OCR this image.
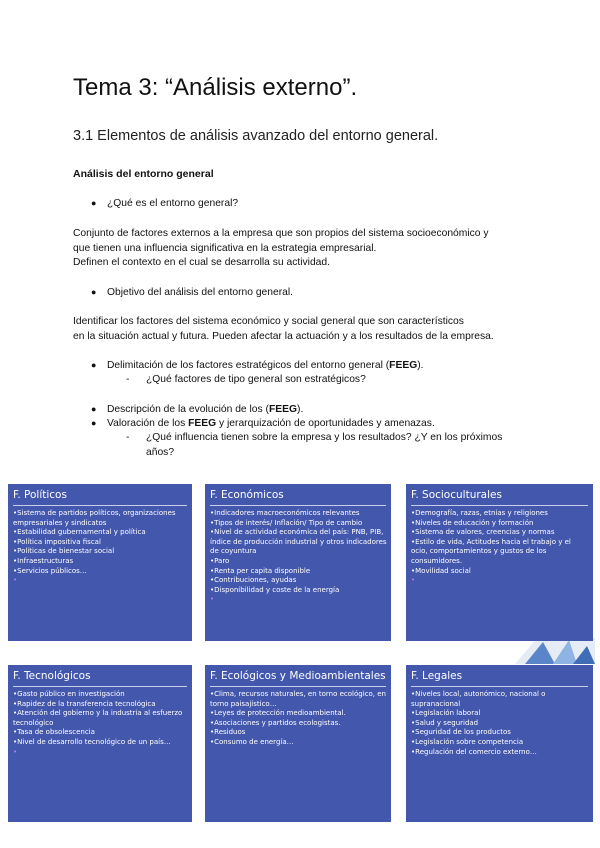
Tema 3: “Análisis externo”.

3.1 Elementos de análisis avanzado del entorno general.

Análisis del entorno general

● ¿Qué es el entorno general?

Conjunto de factores externos a la empresa que son propios del sistema socioeconómico y
que tienen una influencia significativa en la estrategia empresarial.
Definen el contexto en el cual se desarrolla su actividad.

● Objetivo del análisis del entorno general.

Identificar los factores del sistema económico y social general que son característicos
en la situación actual y futura. Pueden afectar la actuación y a los resultados de la empresa.

● Delimitación de los factores estratégicos del entorno general (FEEG).

- ¿Qué factores de tipo general son estratégicos?

● Descripción de la evolución de los (FEEG).

● Valoración de los FEEG y jerarquización de oportunidades y amenazas.

- ¿Qué influencia tienen sobre la empresa y los resultados? ¿Y en los próximos años?

F. Políticos
•Sistema de partidos políticos, organizaciones empresariales y sindicatos
•Estabilidad gubernamental y política
•Política impositiva fiscal
•Políticas de bienestar social
•Infraestructuras
•Servicios públicos…
•
F. Económicos
•Indicadores macroeconómicos relevantes
•Tipos de interés/ Inflación/ Tipo de cambio
•Nivel de actividad económica del país: PNB, PIB, índice de producción industrial y otros indicadores de coyuntura
•Paro
•Renta per capita disponible
•Contribuciones, ayudas
•Disponibilidad y coste de la energía
•
F. Socioculturales
•Demografía, razas, etnias y religiones
•Niveles de educación y formación
•Sistema de valores, creencias y normas
•Estilo de vida, Actitudes hacia el trabajo y el ocio, comportamientos y gustos de los consumidores.
•Movilidad social
•
F. Tecnológicos
•Gasto público en investigación
•Rapidez de la transferencia tecnológica
•Atención del gobierno y la industria al esfuerzo tecnológico
•Tasa de obsolescencia
•Nivel de desarrollo tecnológico de un país…
•
F. Ecológicos y Medioambientales
•Clima, recursos naturales, en torno ecológico, en torno paisajístico…
•Leyes de protección medioambiental.
•Asociaciones y partidos ecologistas.
•Residuos
•Consumo de energía…
F. Legales
•Niveles local, autonómico, nacional o supranacional
•Legislación laboral
•Salud y seguridad
•Seguridad de los productos
•Legislación sobre competencia
•Regulación del comercio externo…
